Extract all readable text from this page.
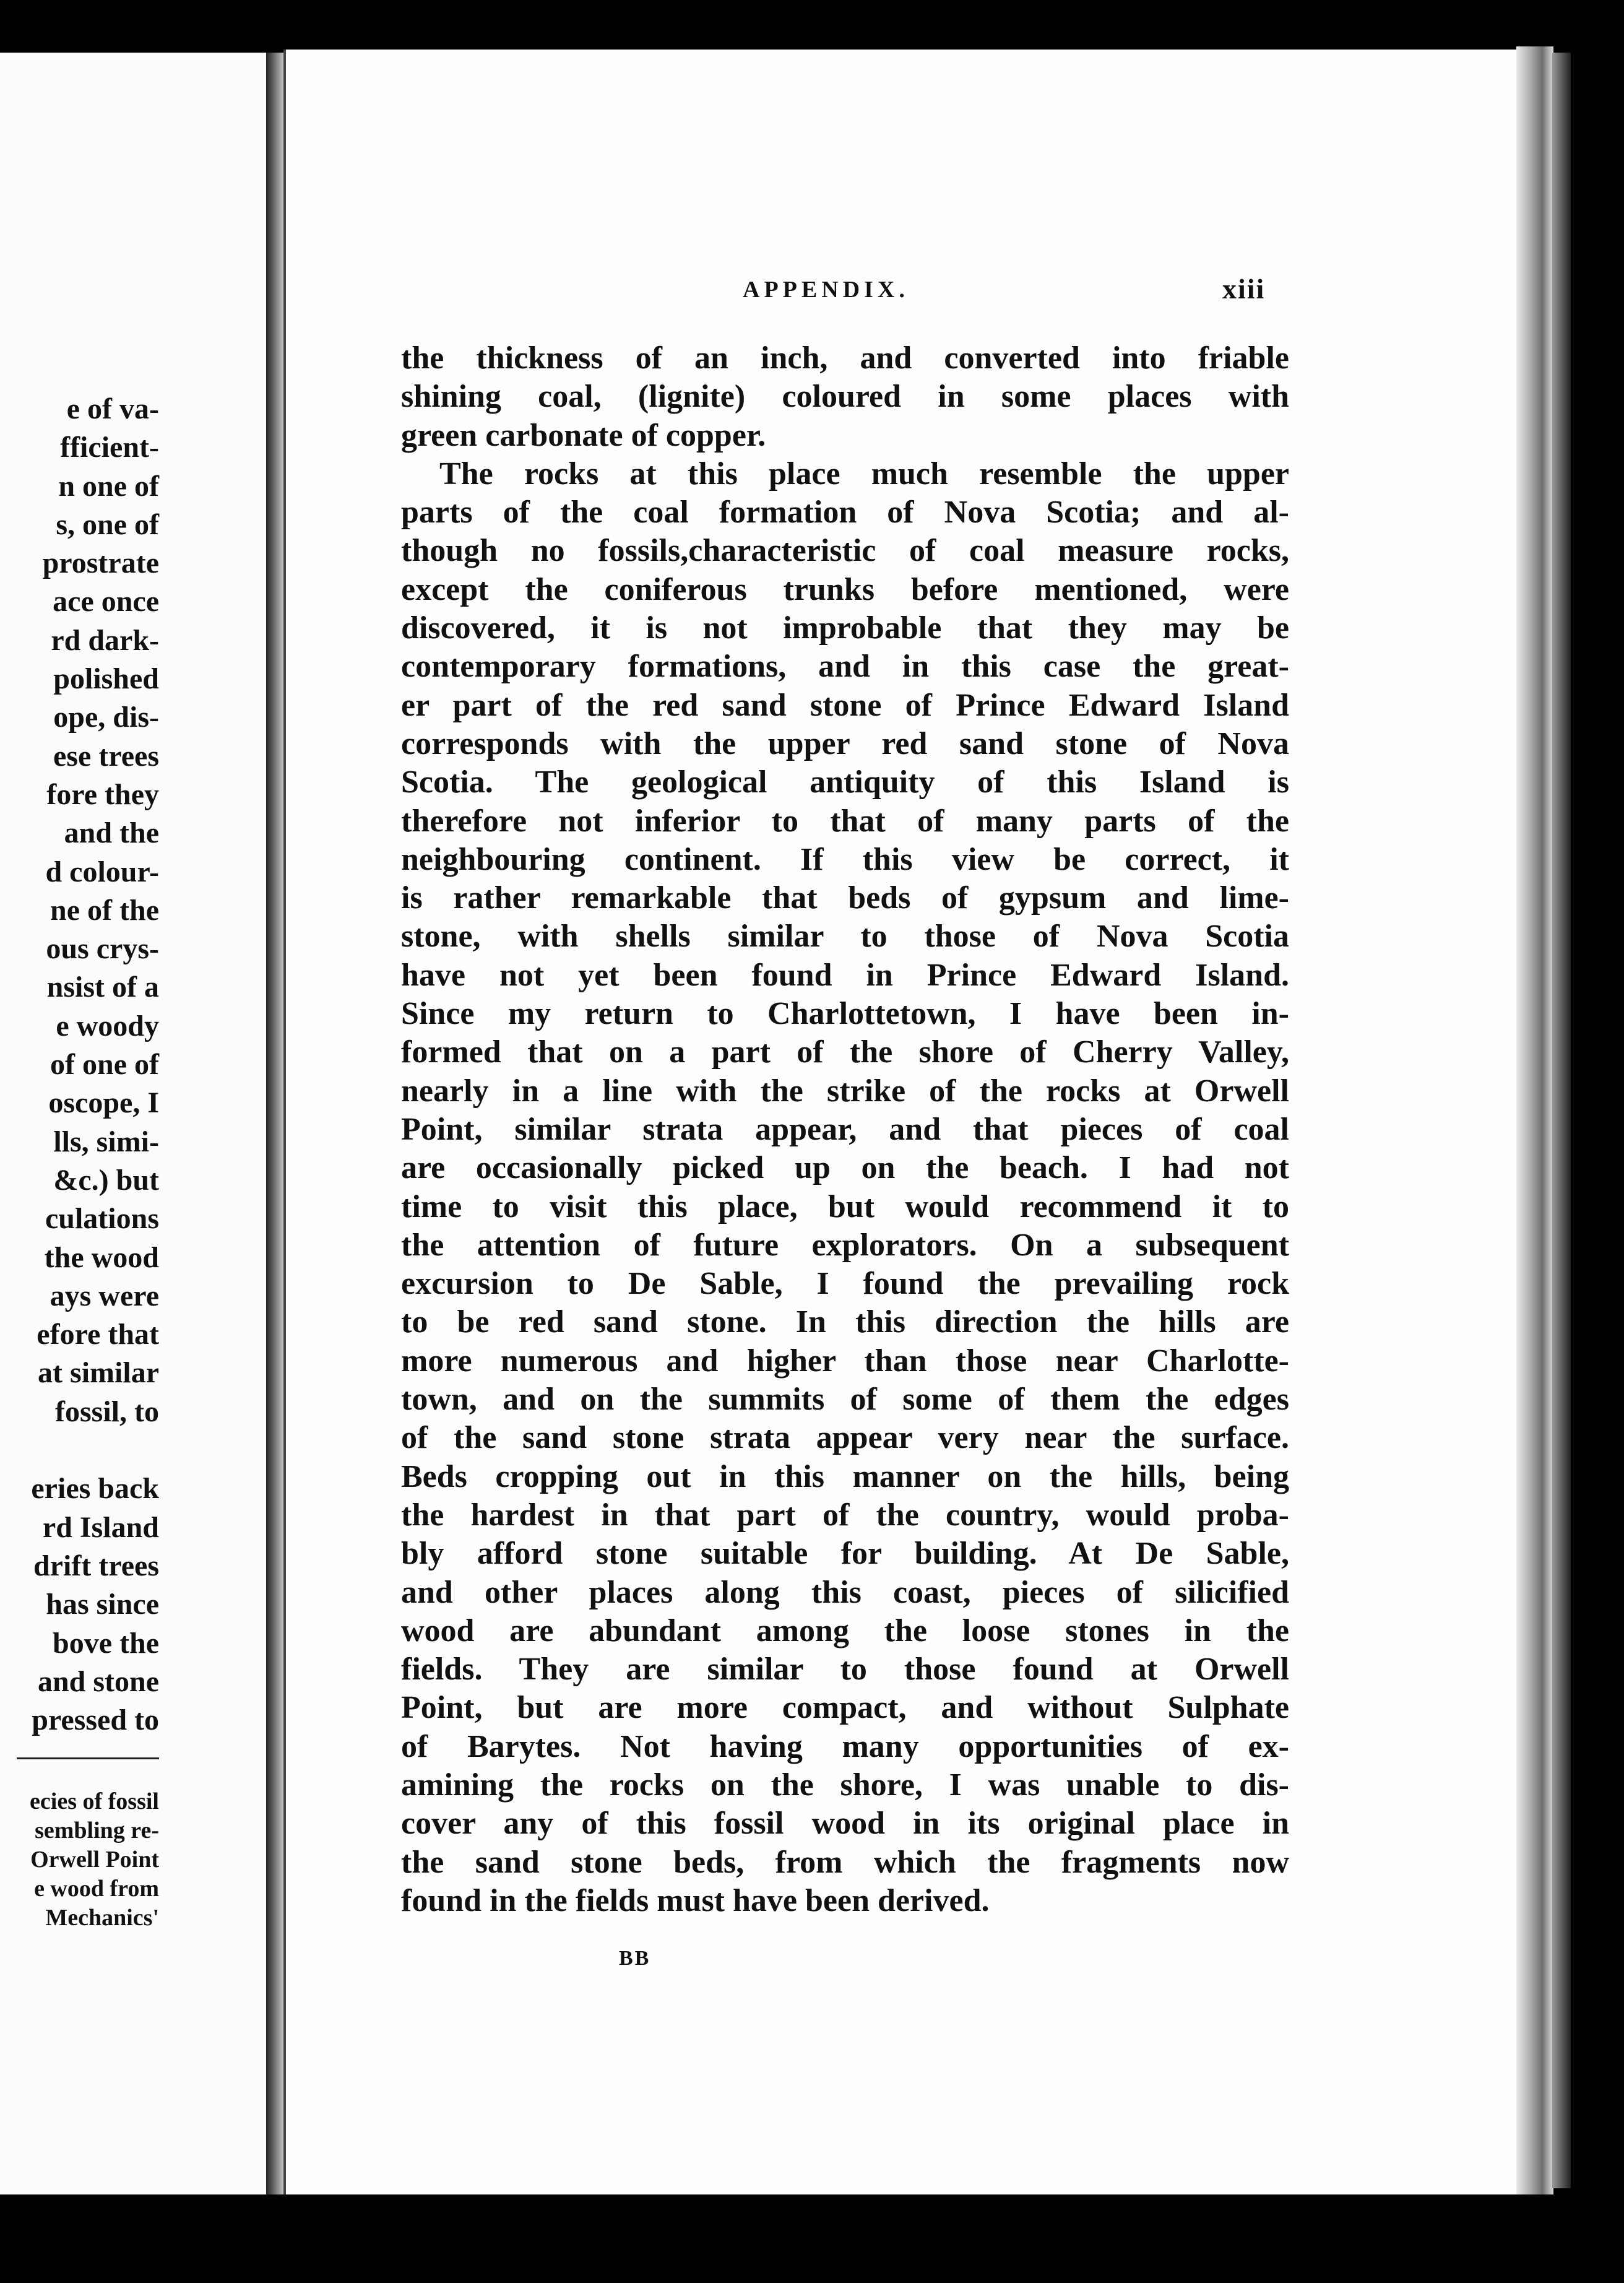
e of va-
fficient-
n one of
s, one of
prostrate
ace once
rd dark-
polished
ope, dis-
ese trees
fore they
and the
d colour-
ne of the
ous crys-
nsist of a
e woody
of one of
oscope, I
lls, simi-
&c.) but
culations
the wood
ays were
efore that
at similar
fossil, to

eries back
rd Island
drift trees
has since
bove the
and stone
pressed to
ecies of fossil
sembling re-
Orwell Point
e wood from
Mechanics'
APPENDIX.	xiii
the thickness of an inch, and converted into friable
shining coal, (lignite) coloured in some places with
green carbonate of copper.
The rocks at this place much resemble the upper
parts of the coal formation of Nova Scotia; and al-
though no fossils,characteristic of coal measure rocks,
except the coniferous trunks before mentioned, were
discovered, it is not improbable that they may be
contemporary formations, and in this case the great-
er part of the red sand stone of Prince Edward Island
corresponds with the upper red sand stone of Nova
Scotia. The geological antiquity of this Island is
therefore not inferior to that of many parts of the
neighbouring continent. If this view be correct, it
is rather remarkable that beds of gypsum and lime-
stone, with shells similar to those of Nova Scotia
have not yet been found in Prince Edward Island.
Since my return to Charlottetown, I have been in-
formed that on a part of the shore of Cherry Valley,
nearly in a line with the strike of the rocks at Orwell
Point, similar strata appear, and that pieces of coal
are occasionally picked up on the beach. I had not
time to visit this place, but would recommend it to
the attention of future explorators. On a subsequent
excursion to De Sable, I found the prevailing rock
to be red sand stone. In this direction the hills are
more numerous and higher than those near Charlotte-
town, and on the summits of some of them the edges
of the sand stone strata appear very near the surface.
Beds cropping out in this manner on the hills, being
the hardest in that part of the country, would proba-
bly afford stone suitable for building. At De Sable,
and other places along this coast, pieces of silicified
wood are abundant among the loose stones in the
fields. They are similar to those found at Orwell
Point, but are more compact, and without Sulphate
of Barytes. Not having many opportunities of ex-
amining the rocks on the shore, I was unable to dis-
cover any of this fossil wood in its original place in
the sand stone beds, from which the fragments now
found in the fields must have been derived.
BB
